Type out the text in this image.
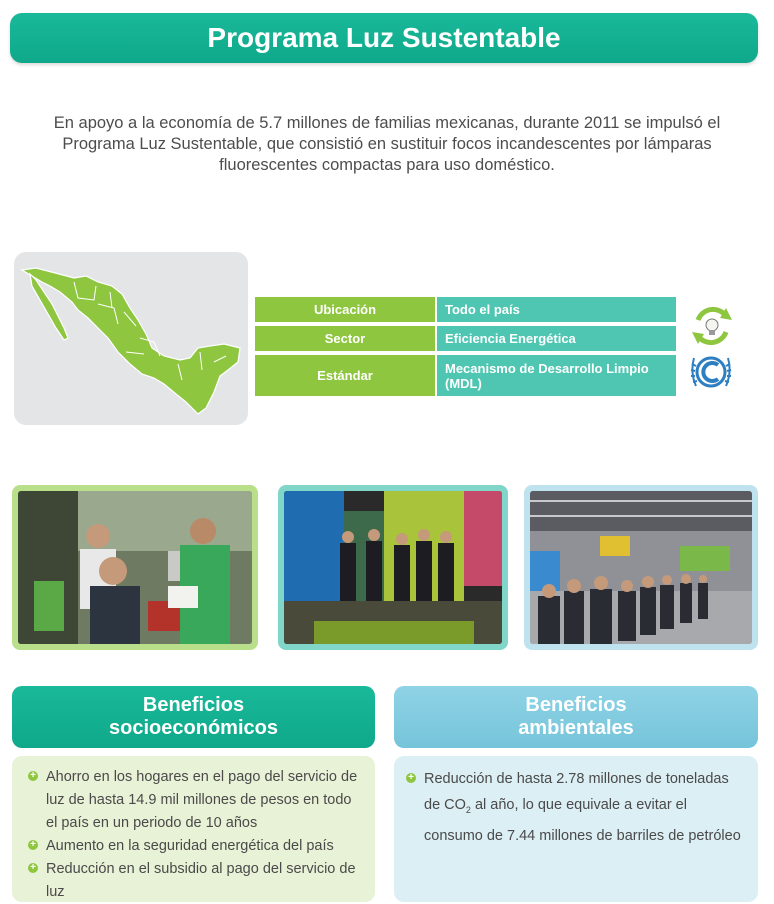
Programa Luz Sustentable
En apoyo a la economía de 5.7 millones de familias mexicanas, durante 2011 se impulsó el
Programa Luz Sustentable, que consistió en sustituir focos incandescentes por lámparas
fluorescentes compactas para uso doméstico.
Ubicación	Todo el país
Sector	Eficiencia Energética
Estándar	Mecanismo de Desarrollo Limpio (MDL)
Beneficios socioeconómicos
+ Ahorro en los hogares en el pago del servicio de luz de hasta 14.9 mil millones de pesos en todo el país en un periodo de 10 años
+ Aumento en la seguridad energética del país
+ Reducción en el subsidio al pago del servicio de luz
Beneficios ambientales
+ Reducción de hasta 2.78 millones de toneladas de $CO_2$ al año, lo que equivale a evitar el consumo de 7.44 millones de barriles de petróleo
